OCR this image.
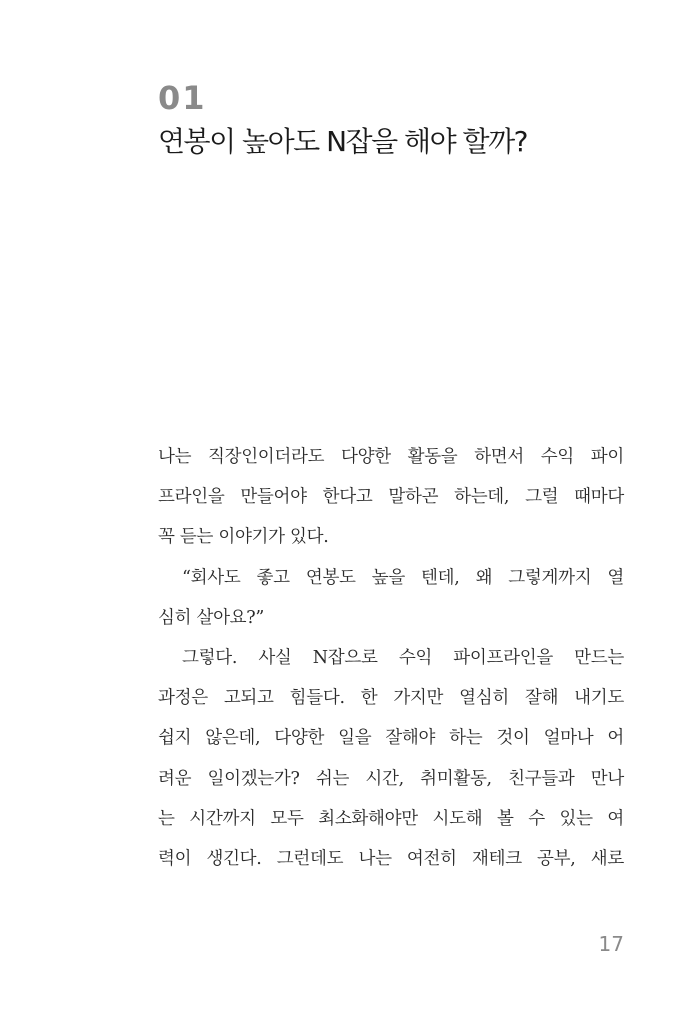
01
연봉이 높아도 N잡을 해야 할까?
나는 직장인이더라도 다양한 활동을 하면서 수익 파이
프라인을 만들어야 한다고 말하곤 하는데, 그럴 때마다
꼭 듣는 이야기가 있다.
“회사도 좋고 연봉도 높을 텐데, 왜 그렇게까지 열
심히 살아요?”
그렇다. 사실 N잡으로 수익 파이프라인을 만드는
과정은 고되고 힘들다. 한 가지만 열심히 잘해 내기도
쉽지 않은데, 다양한 일을 잘해야 하는 것이 얼마나 어
려운 일이겠는가? 쉬는 시간, 취미활동, 친구들과 만나
는 시간까지 모두 최소화해야만 시도해 볼 수 있는 여
력이 생긴다. 그런데도 나는 여전히 재테크 공부, 새로
17
